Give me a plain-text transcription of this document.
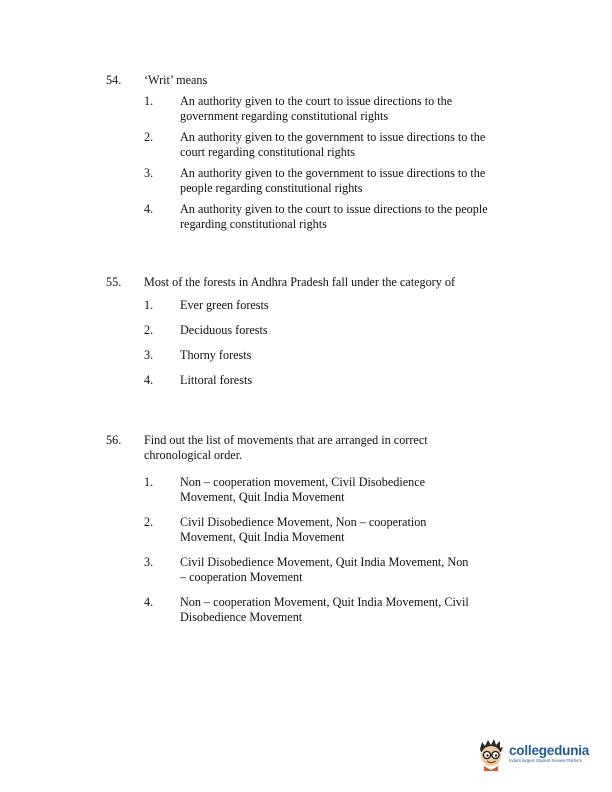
54.	‘Writ’ means
1.	An authority given to the court to issue directions to the government regarding constitutional rights
2.	An authority given to the government to issue directions to the court regarding constitutional rights
3.	An authority given to the government to issue directions to the people regarding constitutional rights
4.	An authority given to the court to issue directions to the people regarding constitutional rights
55.	Most of the forests in Andhra Pradesh fall under the category of
1.	Ever green forests
2.	Deciduous forests
3.	Thorny forests
4.	Littoral forests
56.	Find out the list of movements that are arranged in correct chronological order.
1.	Non – cooperation movement, Civil Disobedience Movement, Quit India Movement
2.	Civil Disobedience Movement, Non – cooperation Movement, Quit India Movement
3.	Civil Disobedience Movement, Quit India Movement, Non – cooperation Movement
4.	Non – cooperation Movement, Quit India Movement, Civil Disobedience Movement
collegedunia
India's largest Student Review Platform
